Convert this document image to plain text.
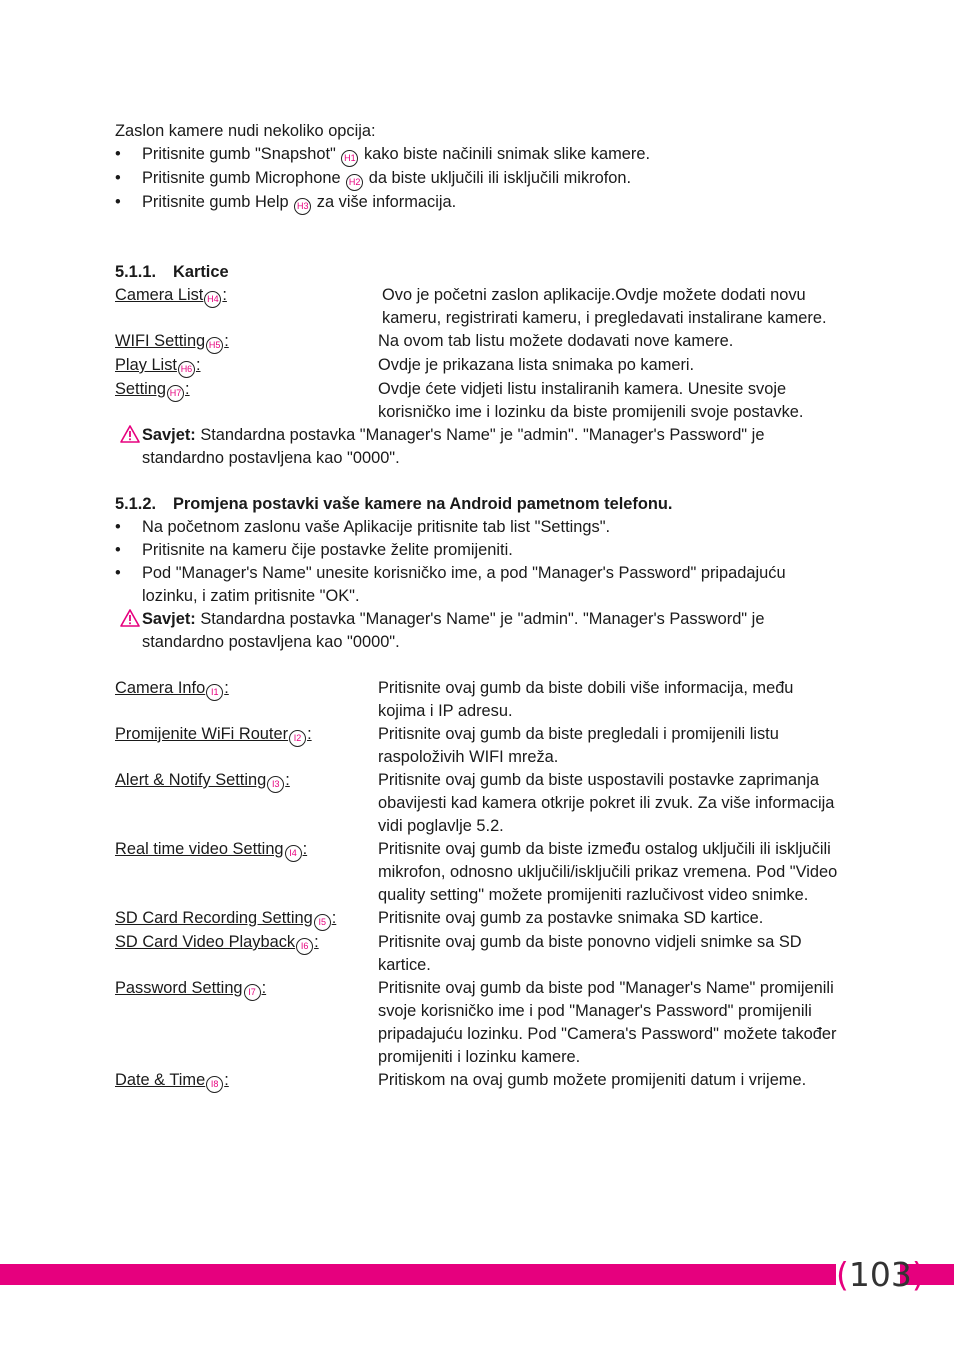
Zaslon kamere nudi nekoliko opcija:

• Pritisnite gumb "Snapshot" H1 kako biste načinili snimak slike kamere.

• Pritisnite gumb Microphone H2 da biste uključili ili isključili mikrofon.

• Pritisnite gumb Help H3 za više informacija.

5.1.1. Kartice

Camera List H4 :	Ovo je početni zaslon aplikacije.Ovdje možete dodati novu kameru, registrirati kameru, i pregledavati instalirane kamere.
WIFI Setting H5 :	Na ovom tab listu možete dodavati nove kamere.
Play List H6 :	Ovdje je prikazana lista snimaka po kameri.
Setting H7 :	Ovdje ćete vidjeti listu instaliranih kamera. Unesite svoje korisničko ime i lozinku da biste promijenili svoje postavke.

Savjet: Standardna postavka "Manager's Name" je "admin". "Manager's Password" je standardno postavljena kao "0000".

5.1.2. Promjena postavki vaše kamere na Android pametnom telefonu.

• Na početnom zaslonu vaše Aplikacije pritisnite tab list "Settings".

• Pritisnite na kameru čije postavke želite promijeniti.

• Pod "Manager's Name" unesite korisničko ime, a pod "Manager's Password" pripadajuću lozinku, i zatim pritisnite "OK".

Savjet: Standardna postavka "Manager's Name" je "admin". "Manager's Password" je standardno postavljena kao "0000".

Camera Info I1 :	Pritisnite ovaj gumb da biste dobili više informacija, među kojima i IP adresu.
Promijenite WiFi Router I2 :	Pritisnite ovaj gumb da biste pregledali i promijenili listu raspoloživih WIFI mreža.
Alert & Notify Setting I3 :	Pritisnite ovaj gumb da biste uspostavili postavke zaprimanja obavijesti kad kamera otkrije pokret ili zvuk. Za više informacija vidi poglavlje 5.2.
Real time video Setting I4 :	Pritisnite ovaj gumb da biste između ostalog uključili ili isključili mikrofon, odnosno uključili/isključili prikaz vremena. Pod "Video quality setting" možete promijeniti razlučivost video snimke.
SD Card Recording Setting I5 :	Pritisnite ovaj gumb za postavke snimaka SD kartice.
SD Card Video Playback I6 :	Pritisnite ovaj gumb da biste ponovno vidjeli snimke sa SD kartice.
Password Setting I7 :	Pritisnite ovaj gumb da biste pod "Manager's Name" promijenili svoje korisničko ime i pod "Manager's Password" promijenili pripadajuću lozinku. Pod "Camera's Password" možete također promijeniti i lozinku kamere.
Date & Time I8 :	Pritiskom na ovaj gumb možete promijeniti datum i vrijeme.
(103
